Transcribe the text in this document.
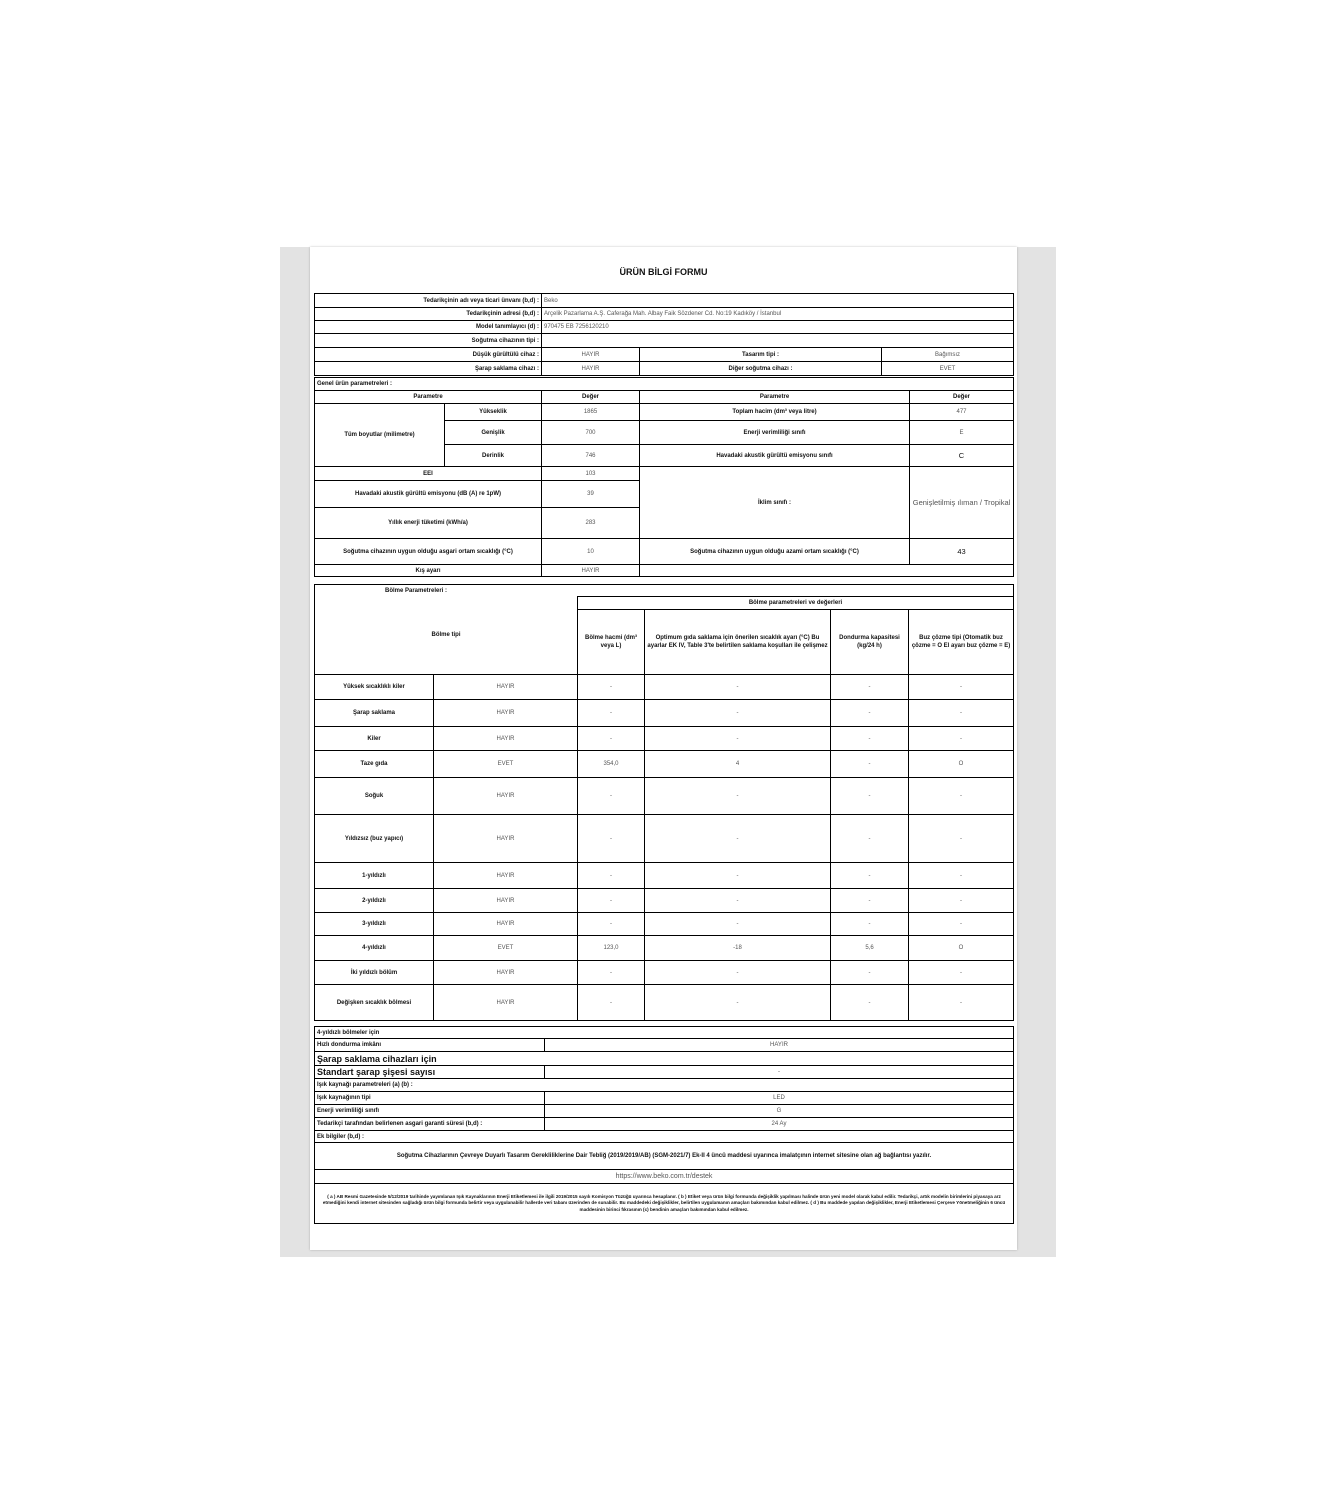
ÜRÜN BİLGİ FORMU
Tedarikçinin adı veya ticari ünvanı (b,d) :	Beko		
Tedarikçinin adresi (b,d) :	Arçelik Pazarlama A.Ş. Caferağa Mah. Albay Faik Sözdener Cd. No:19 Kadıköy / İstanbul		
Model tanımlayıcı (d) :	970475 EB 7256120210		
Soğutma cihazının tipi :			
Düşük gürültülü cihaz :	HAYIR	Tasarım tipi :	Bağımsız
Şarap saklama cihazı :	HAYIR	Diğer soğutma cihazı :	EVET
Genel ürün parametreleri :				
Parametre		Değer	Parametre	Değer
Tüm boyutlar (milimetre)	Yükseklik	1865	Toplam hacim (dm³ veya litre)	477
	Genişlik	700	Enerji verimliliği sınıfı	E
	Derinlik	746	Havadaki akustik gürültü emisyonu sınıfı	C
EEI		103	İklim sınıfı :	Genişletilmiş ılıman / Tropikal
Havadaki akustik gürültü emisyonu (dB (A) re 1pW)		39		
Yıllık enerji tüketimi (kWh/a)		283		
Soğutma cihazının uygun olduğu asgari ortam sıcaklığı (°C)		10	Soğutma cihazının uygun olduğu azami ortam sıcaklığı (°C)	43
Kış ayarı		HAYIR		
Bölme Parametreleri :					
Bölme tipi		Bölme parametreleri ve değerleri			
		Bölme hacmi (dm³ veya L)	Optimum gıda saklama için önerilen sıcaklık ayarı (°C) Bu ayarlar EK IV, Table 3'te belirtilen saklama koşulları ile çelişmez	Dondurma kapasitesi (kg/24 h)	Buz çözme tipi (Otomatik buz çözme = O El ayarı buz çözme = E)
Yüksek sıcaklıklı kiler	HAYIR	-	-	-	-
Şarap saklama	HAYIR	-	-	-	-
Kiler	HAYIR	-	-	-	-
Taze gıda	EVET	354,0	4	-	O
Soğuk	HAYIR	-	-	-	-
Yıldızsız (buz yapıcı)	HAYIR	-	-	-	-
1-yıldızlı	HAYIR	-	-	-	-
2-yıldızlı	HAYIR	-	-	-	-
3-yıldızlı	HAYIR	-	-	-	-
4-yıldızlı	EVET	123,0	-18	5,6	O
İki yıldızlı bölüm	HAYIR	-	-	-	-
Değişken sıcaklık bölmesi	HAYIR	-	-	-	-
4-yıldızlı bölmeler için	
Hızlı dondurma imkânı	HAYIR
Şarap saklama cihazları için	
Standart şarap şişesi sayısı	-
Işık kaynağı parametreleri (a) (b) :	
Işık kaynağının tipi	LED
Enerji verimliliği sınıfı	G
Tedarikçi tarafından belirlenen asgari garanti süresi (b,d) :	24 Ay
Ek bilgiler (b,d) :	
Soğutma Cihazlarının Çevreye Duyarlı Tasarım Gerekliliklerine Dair Tebliğ (2019/2019/AB) (SGM-2021/7) Ek-II 4 üncü maddesi uyarınca imalatçının internet sitesine olan ağ bağlantısı yazılır.	
https://www.beko.com.tr/destek	
( a ) AB Resmi Gazetesinde 5/12/2019 tarihinde yayımlanan Işık Kaynaklarının Enerji Etiketlemesi ile ilgili 2019/2015 sayılı Komisyon Tüzüğü uyarınca hesaplanır. ( b ) Etiket veya ürün bilgi formunda değişiklik yapılması halinde ürün yeni model olarak kabul edilir. Tedarikçi, artık modelin birimlerini piyasaya arz etmediğini kendi internet sitesinden sağladığı ürün bilgi formunda belirtir veya uygulanabilir hallerde veri tabanı üzerinden de sunabilir. Bu maddedeki değişiklikler, belirtilen uygulamanın amaçları bakımından kabul edilmez. ( d ) Bu maddede yapılan değişiklikler, Enerji Etiketlemesi Çerçeve Yönetmeliğinin 6 üncü maddesinin birinci fıkrasının (c) bendinin amaçları bakımından kabul edilmez.	
